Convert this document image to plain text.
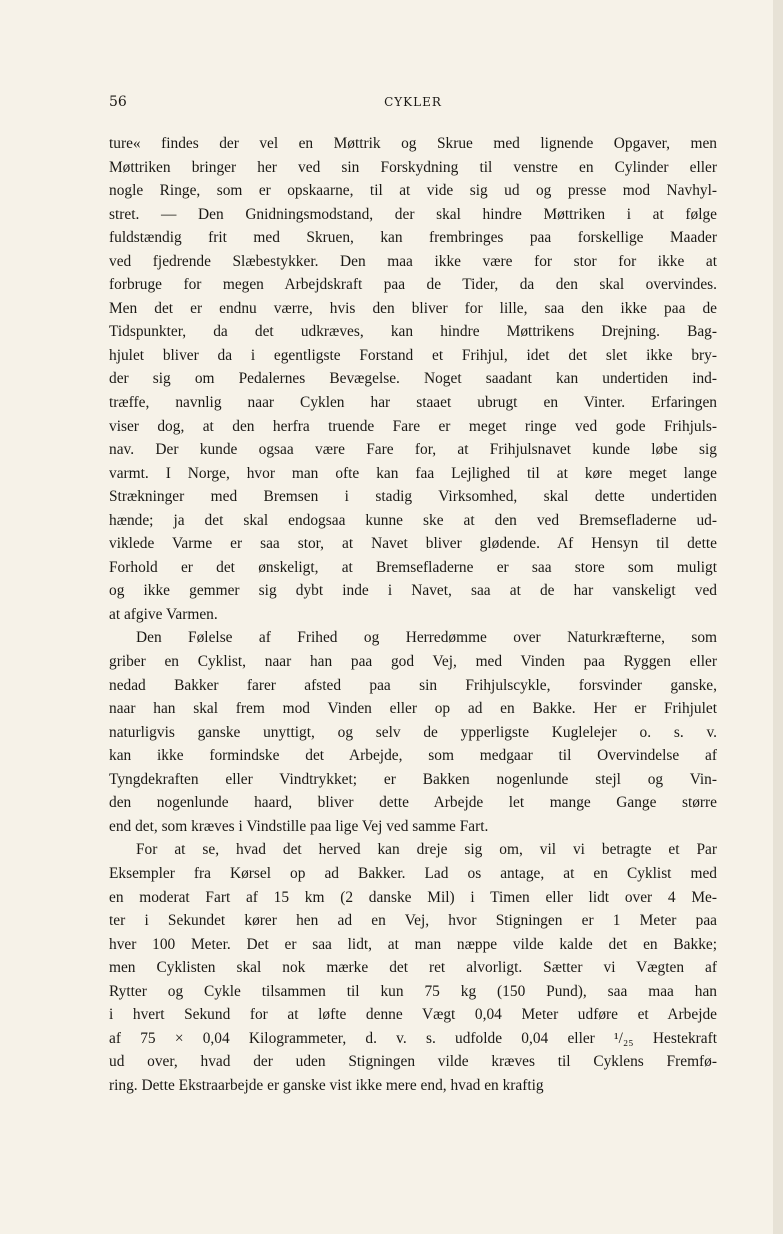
56	CYKLER
ture« findes der vel en Møttrik og Skrue med lignende Opgaver, men
Møttriken bringer her ved sin Forskydning til venstre en Cylinder eller
nogle Ringe, som er opskaarne, til at vide sig ud og presse mod Navhyl-
stret. — Den Gnidningsmodstand, der skal hindre Møttriken i at følge
fuldstændig frit med Skruen, kan frembringes paa forskellige Maader
ved fjedrende Slæbestykker. Den maa ikke være for stor for ikke at
forbruge for megen Arbejdskraft paa de Tider, da den skal overvindes.
Men det er endnu værre, hvis den bliver for lille, saa den ikke paa de
Tidspunkter, da det udkræves, kan hindre Møttrikens Drejning. Bag-
hjulet bliver da i egentligste Forstand et Frihjul, idet det slet ikke bry-
der sig om Pedalernes Bevægelse. Noget saadant kan undertiden ind-
træffe, navnlig naar Cyklen har staaet ubrugt en Vinter. Erfaringen
viser dog, at den herfra truende Fare er meget ringe ved gode Frihjuls-
nav. Der kunde ogsaa være Fare for, at Frihjulsnavet kunde løbe sig
varmt. I Norge, hvor man ofte kan faa Lejlighed til at køre meget lange
Strækninger med Bremsen i stadig Virksomhed, skal dette undertiden
hænde; ja det skal endogsaa kunne ske at den ved Bremsefladerne ud-
viklede Varme er saa stor, at Navet bliver glødende. Af Hensyn til dette
Forhold er det ønskeligt, at Bremsefladerne er saa store som muligt
og ikke gemmer sig dybt inde i Navet, saa at de har vanskeligt ved
at afgive Varmen.
Den Følelse af Frihed og Herredømme over Naturkræfterne, som
griber en Cyklist, naar han paa god Vej, med Vinden paa Ryggen eller
nedad Bakker farer afsted paa sin Frihjulscykle, forsvinder ganske,
naar han skal frem mod Vinden eller op ad en Bakke. Her er Frihjulet
naturligvis ganske unyttigt, og selv de ypperligste Kuglelejer o. s. v.
kan ikke formindske det Arbejde, som medgaar til Overvindelse af
Tyngdekraften eller Vindtrykket; er Bakken nogenlunde stejl og Vin-
den nogenlunde haard, bliver dette Arbejde let mange Gange større
end det, som kræves i Vindstille paa lige Vej ved samme Fart.
For at se, hvad det herved kan dreje sig om, vil vi betragte et Par
Eksempler fra Kørsel op ad Bakker. Lad os antage, at en Cyklist med
en moderat Fart af 15 km (2 danske Mil) i Timen eller lidt over 4 Me-
ter i Sekundet kører hen ad en Vej, hvor Stigningen er 1 Meter paa
hver 100 Meter. Det er saa lidt, at man næppe vilde kalde det en Bakke;
men Cyklisten skal nok mærke det ret alvorligt. Sætter vi Vægten af
Rytter og Cykle tilsammen til kun 75 kg (150 Pund), saa maa han
i hvert Sekund for at løfte denne Vægt 0,04 Meter udføre et Arbejde
af 75 × 0,04 Kilogrammeter, d. v. s. udfolde 0,04 eller ¹/₂₅ Hestekraft
ud over, hvad der uden Stigningen vilde kræves til Cyklens Fremfø-
ring. Dette Ekstraarbejde er ganske vist ikke mere end, hvad en kraftig
